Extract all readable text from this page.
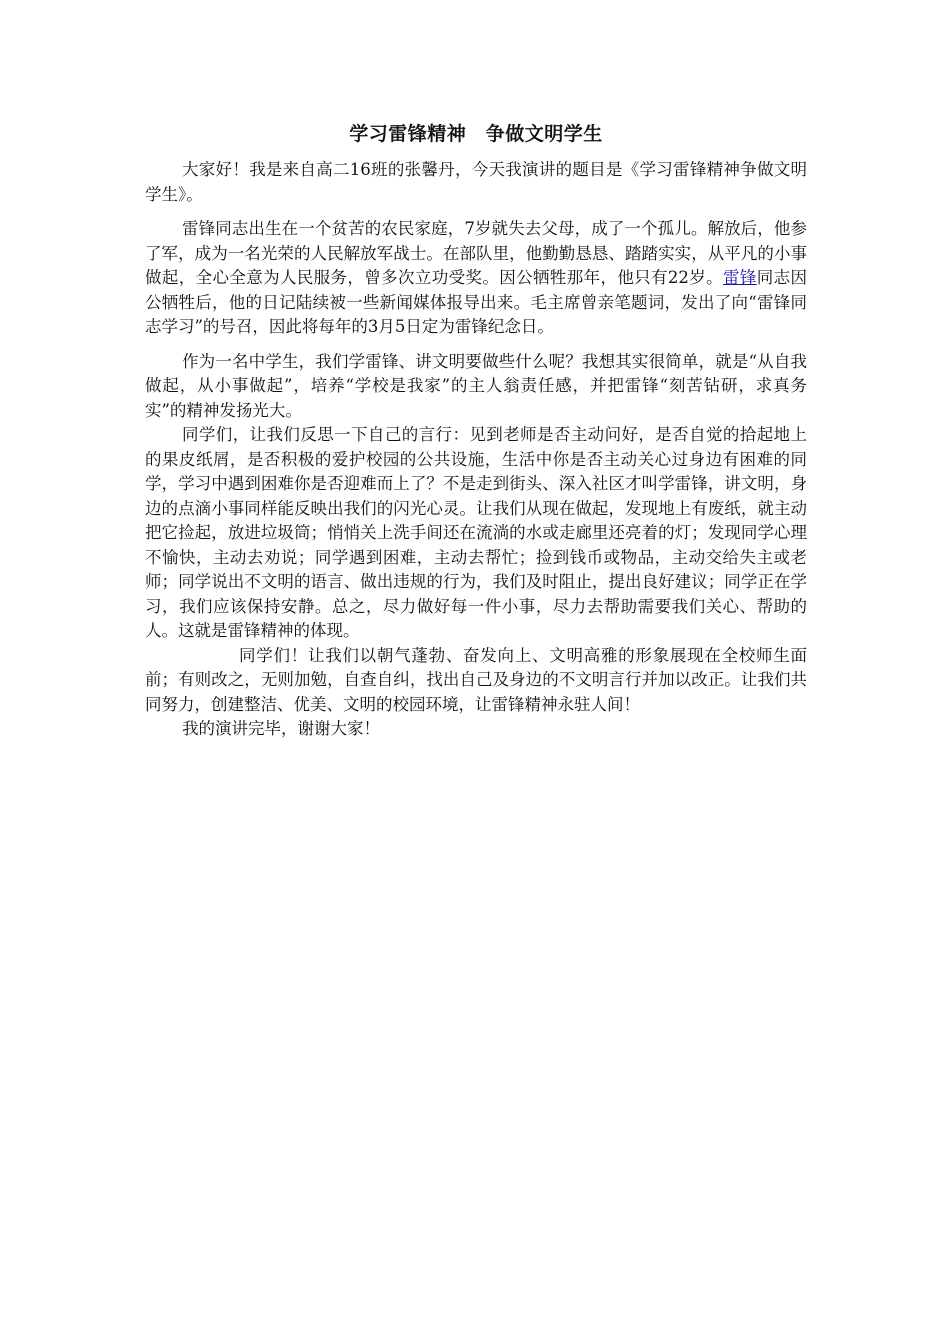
学习雷锋精神　争做文明学生

大家好！我是来自高二16班的张馨丹，今天我演讲的题目是《学习雷锋精神争做文明学生》。

雷锋同志出生在一个贫苦的农民家庭，7岁就失去父母，成了一个孤儿。解放后，他参了军，成为一名光荣的人民解放军战士。在部队里，他勤勤恳恳、踏踏实实，从平凡的小事做起，全心全意为人民服务，曾多次立功受奖。因公牺牲那年，他只有22岁。雷锋同志因公牺牲后，他的日记陆续被一些新闻媒体报导出来。毛主席曾亲笔题词，发出了向“雷锋同志学习”的号召，因此将每年的3月5日定为雷锋纪念日。

作为一名中学生，我们学雷锋、讲文明要做些什么呢？我想其实很简单，就是“从自我做起，从小事做起”，培养“学校是我家”的主人翁责任感，并把雷锋“刻苦钻研，求真务实”的精神发扬光大。

同学们，让我们反思一下自己的言行：见到老师是否主动问好，是否自觉的拾起地上的果皮纸屑，是否积极的爱护校园的公共设施，生活中你是否主动关心过身边有困难的同学，学习中遇到困难你是否迎难而上了？不是走到街头、深入社区才叫学雷锋，讲文明，身边的点滴小事同样能反映出我们的闪光心灵。让我们从现在做起，发现地上有废纸，就主动把它捡起，放进垃圾筒；悄悄关上洗手间还在流淌的水或走廊里还亮着的灯；发现同学心理不愉快，主动去劝说；同学遇到困难，主动去帮忙；捡到钱币或物品，主动交给失主或老师；同学说出不文明的语言、做出违规的行为，我们及时阻止，提出良好建议；同学正在学习，我们应该保持安静。总之，尽力做好每一件小事，尽力去帮助需要我们关心、帮助的人。这就是雷锋精神的体现。

同学们！让我们以朝气蓬勃、奋发向上、文明高雅的形象展现在全校师生面前；有则改之，无则加勉，自查自纠，找出自己及身边的不文明言行并加以改正。让我们共同努力，创建整洁、优美、文明的校园环境，让雷锋精神永驻人间！

我的演讲完毕，谢谢大家！
